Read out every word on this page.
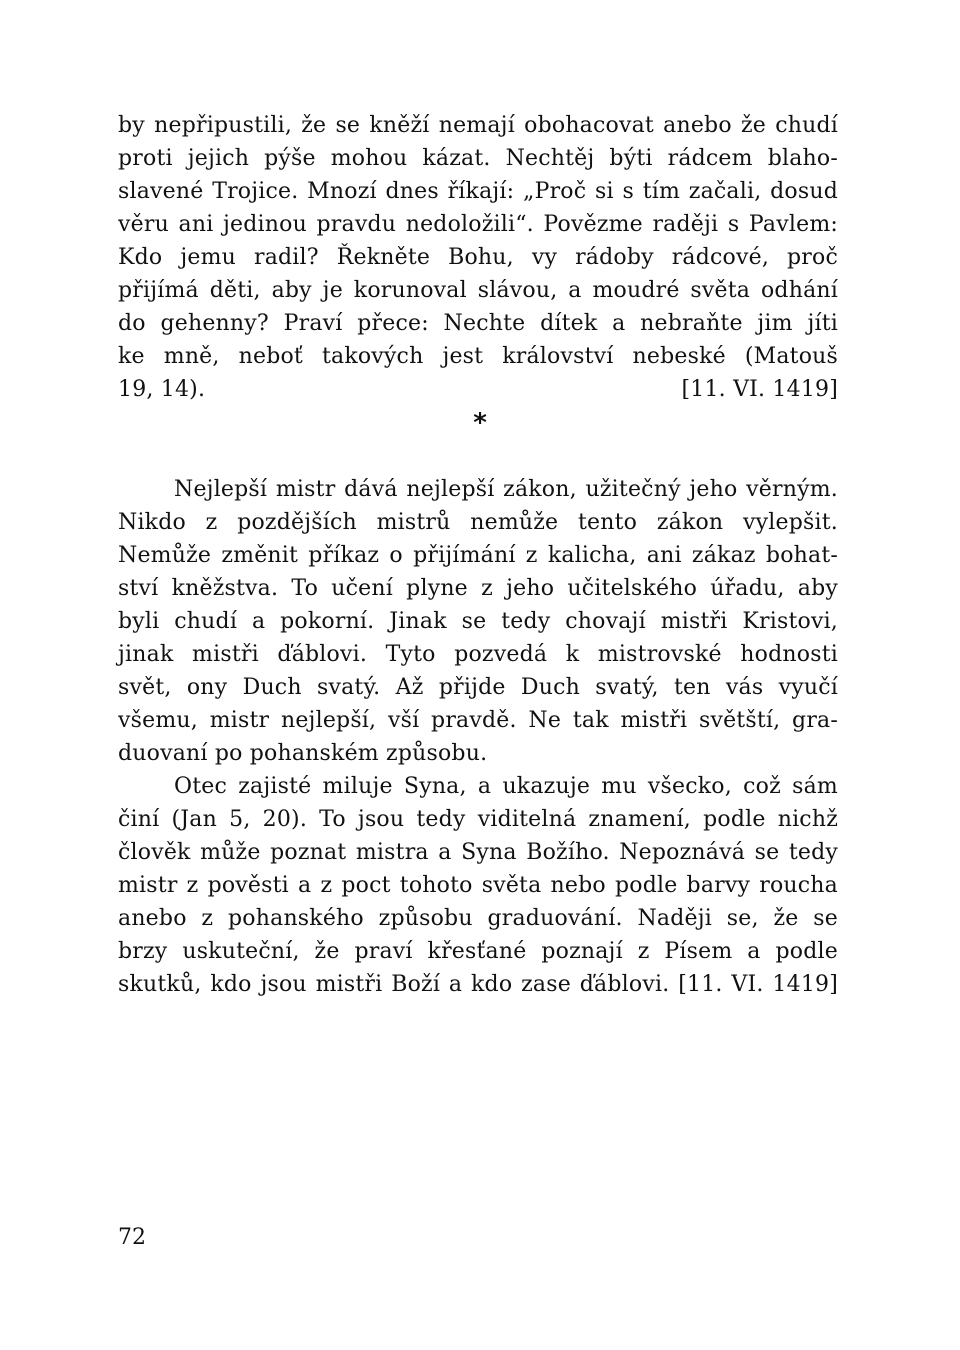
by nepřipustili, že se kněží nemají obohacovat anebo že chudí
proti jejich pýše mohou kázat. Nechtěj býti rádcem blaho-
slavené Trojice. Mnozí dnes říkají: „Proč si s tím začali, dosud
věru ani jedinou pravdu nedoložili“. Povězme raději s Pavlem:
Kdo jemu radil? Řekněte Bohu, vy rádoby rádcové, proč
přijímá děti, aby je korunoval slávou, a moudré světa odhání
do gehenny? Praví přece: Nechte dítek a nebraňte jim jíti
ke mně, neboť takových jest království nebeské (Matouš
19, 14).	[11. VI. 1419]
*
Nejlepší mistr dává nejlepší zákon, užitečný jeho věrným.
Nikdo z pozdějších mistrů nemůže tento zákon vylepšit.
Nemůže změnit příkaz o přijímání z kalicha, ani zákaz bohat-
ství kněžstva. To učení plyne z jeho učitelského úřadu, aby
byli chudí a pokorní. Jinak se tedy chovají mistři Kristovi,
jinak mistři ďáblovi. Tyto pozvedá k mistrovské hodnosti
svět, ony Duch svatý. Až přijde Duch svatý, ten vás vyučí
všemu, mistr nejlepší, vší pravdě. Ne tak mistři světští, gra-
duovaní po pohanském způsobu.
Otec zajisté miluje Syna, a ukazuje mu všecko, což sám
činí (Jan 5, 20). To jsou tedy viditelná znamení, podle nichž
člověk může poznat mistra a Syna Božího. Nepoznává se tedy
mistr z pověsti a z poct tohoto světa nebo podle barvy roucha
anebo z pohanského způsobu graduování. Naději se, že se
brzy uskuteční, že praví křesťané poznají z Písem a podle
skutků, kdo jsou mistři Boží a kdo zase ďáblovi. [11. VI. 1419]
72
